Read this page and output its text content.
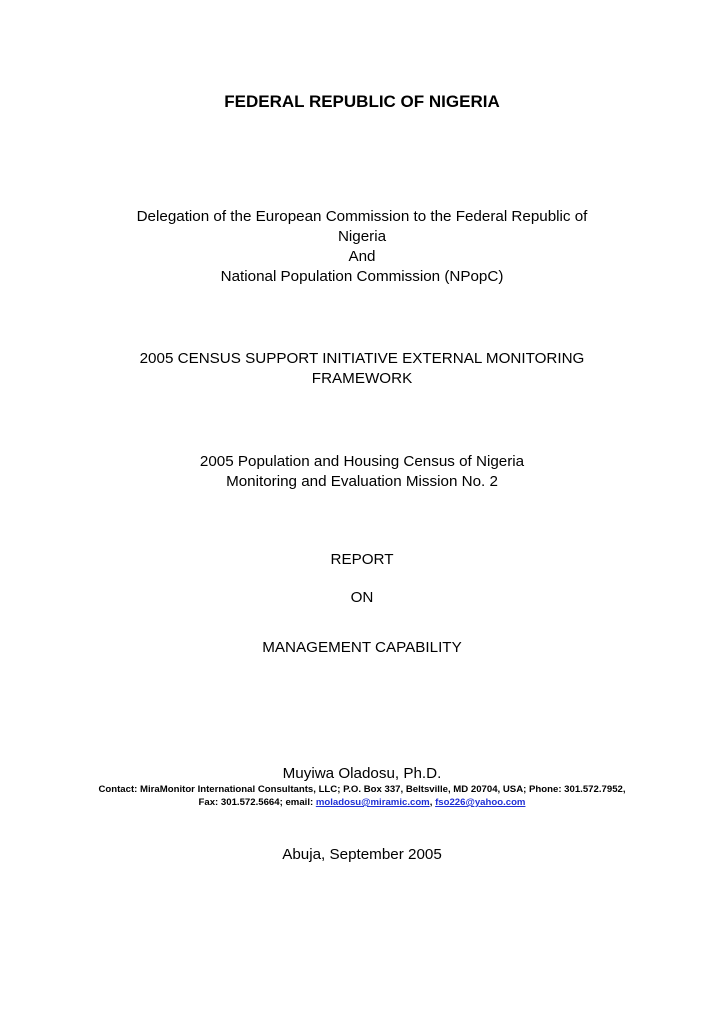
FEDERAL REPUBLIC OF NIGERIA
Delegation of the European Commission to the Federal Republic of
Nigeria
And
National Population Commission (NPopC)
2005 CENSUS SUPPORT INITIATIVE EXTERNAL MONITORING
FRAMEWORK
2005 Population and Housing Census of Nigeria
Monitoring and Evaluation Mission No. 2
REPORT
ON
MANAGEMENT CAPABILITY
Muyiwa Oladosu, Ph.D.
Contact: MiraMonitor International Consultants, LLC; P.O. Box 337, Beltsville, MD 20704, USA; Phone: 301.572.7952,
Fax: 301.572.5664; email: moladosu@miramic.com, fso226@yahoo.com
Abuja, September 2005
